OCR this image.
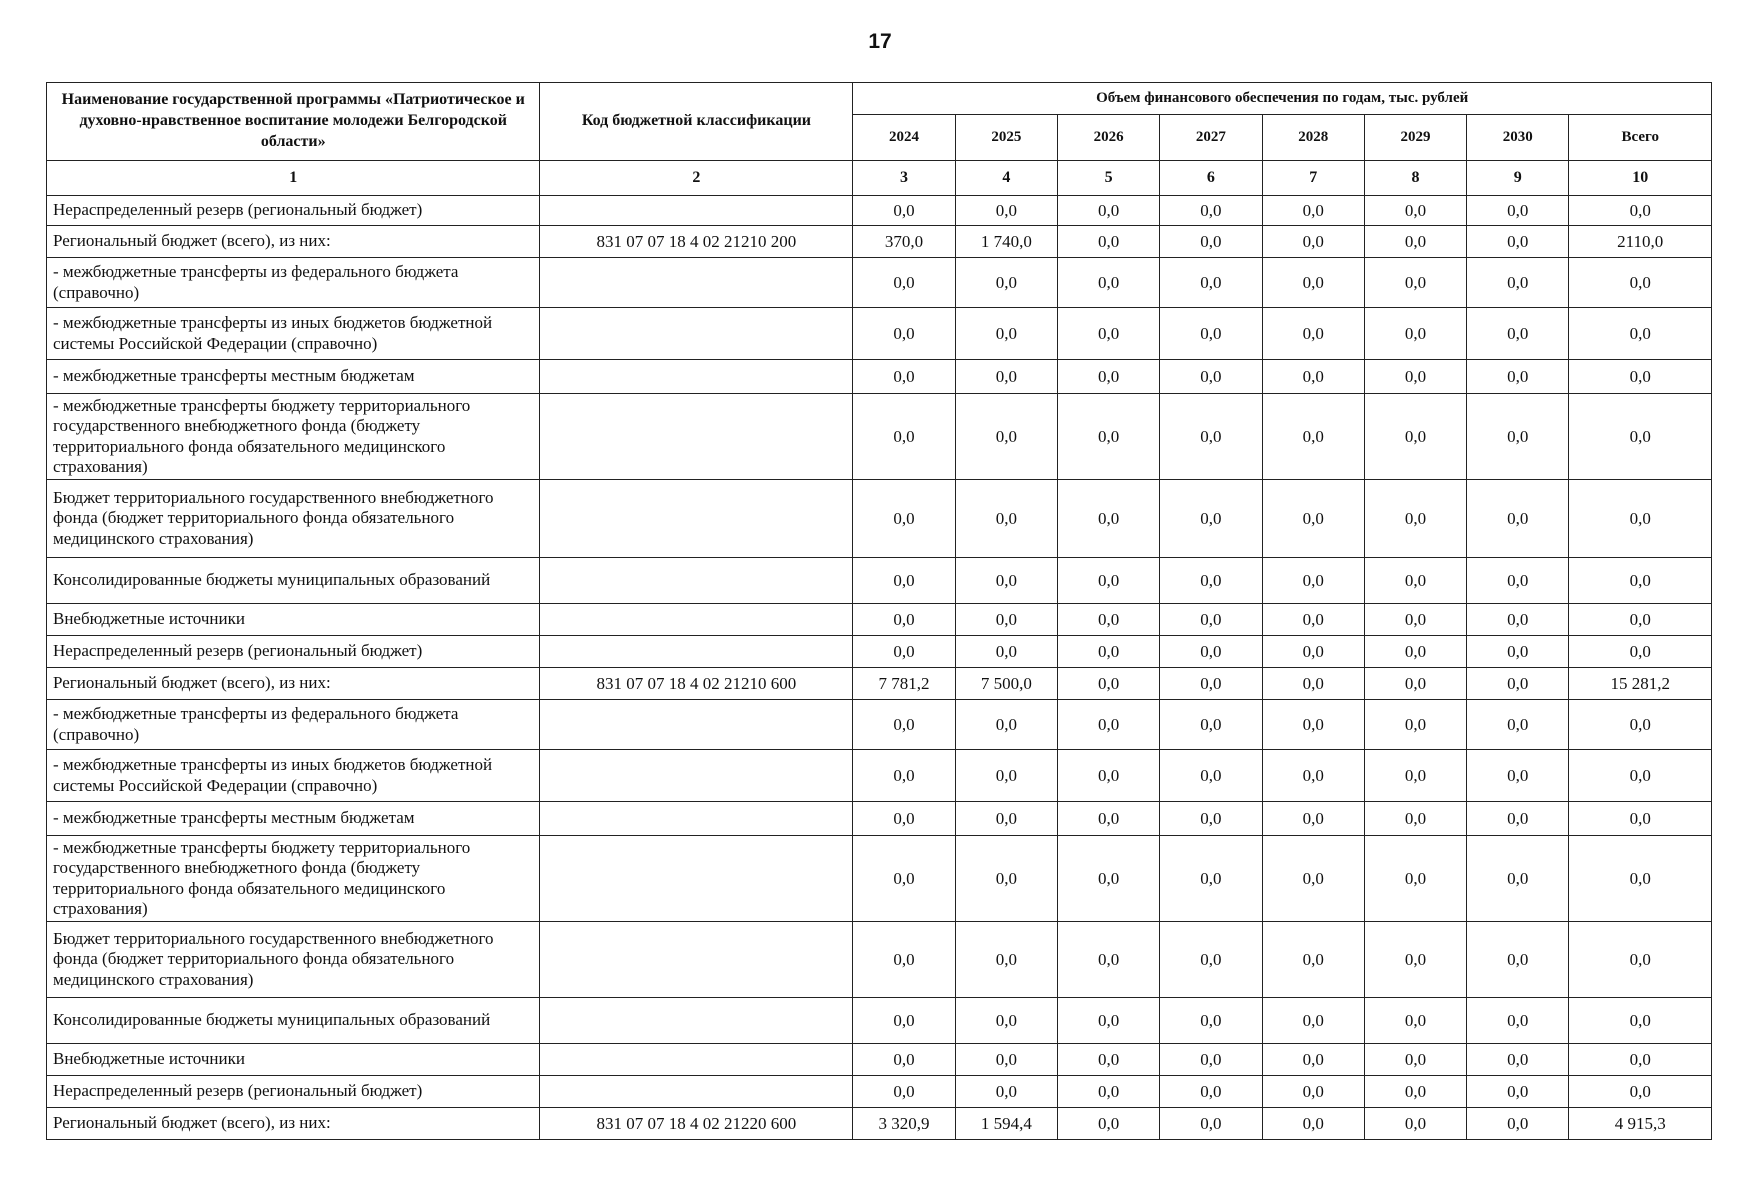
17
Наименование государственной программы «Патриотическое и духовно-нравственное воспитание молодежи Белгородской области»	Код бюджетной классификации	Объем финансового обеспечения по годам, тыс. рублей							
		2024	2025	2026	2027	2028	2029	2030	Всего
1	2	3	4	5	6	7	8	9	10
Нераспределенный резерв (региональный бюджет)		0,0	0,0	0,0	0,0	0,0	0,0	0,0	0,0
Региональный бюджет (всего), из них:	831 07 07 18 4 02 21210 200	370,0	1 740,0	0,0	0,0	0,0	0,0	0,0	2110,0
- межбюджетные трансферты из федерального бюджета (справочно)		0,0	0,0	0,0	0,0	0,0	0,0	0,0	0,0
- межбюджетные трансферты из иных бюджетов бюджетной системы Российской Федерации (справочно)		0,0	0,0	0,0	0,0	0,0	0,0	0,0	0,0
- межбюджетные трансферты местным бюджетам		0,0	0,0	0,0	0,0	0,0	0,0	0,0	0,0
- межбюджетные трансферты бюджету территориального государственного внебюджетного фонда (бюджету территориального фонда обязательного медицинского страхования)		0,0	0,0	0,0	0,0	0,0	0,0	0,0	0,0
Бюджет территориального государственного внебюджетного фонда (бюджет территориального фонда обязательного медицинского страхования)		0,0	0,0	0,0	0,0	0,0	0,0	0,0	0,0
Консолидированные бюджеты муниципальных образований		0,0	0,0	0,0	0,0	0,0	0,0	0,0	0,0
Внебюджетные источники		0,0	0,0	0,0	0,0	0,0	0,0	0,0	0,0
Нераспределенный резерв (региональный бюджет)		0,0	0,0	0,0	0,0	0,0	0,0	0,0	0,0
Региональный бюджет (всего), из них:	831 07 07 18 4 02 21210 600	7 781,2	7 500,0	0,0	0,0	0,0	0,0	0,0	15 281,2
- межбюджетные трансферты из федерального бюджета (справочно)		0,0	0,0	0,0	0,0	0,0	0,0	0,0	0,0
- межбюджетные трансферты из иных бюджетов бюджетной системы Российской Федерации (справочно)		0,0	0,0	0,0	0,0	0,0	0,0	0,0	0,0
- межбюджетные трансферты местным бюджетам		0,0	0,0	0,0	0,0	0,0	0,0	0,0	0,0
- межбюджетные трансферты бюджету территориального государственного внебюджетного фонда (бюджету территориального фонда обязательного медицинского страхования)		0,0	0,0	0,0	0,0	0,0	0,0	0,0	0,0
Бюджет территориального государственного внебюджетного фонда (бюджет территориального фонда обязательного медицинского страхования)		0,0	0,0	0,0	0,0	0,0	0,0	0,0	0,0
Консолидированные бюджеты муниципальных образований		0,0	0,0	0,0	0,0	0,0	0,0	0,0	0,0
Внебюджетные источники		0,0	0,0	0,0	0,0	0,0	0,0	0,0	0,0
Нераспределенный резерв (региональный бюджет)		0,0	0,0	0,0	0,0	0,0	0,0	0,0	0,0
Региональный бюджет (всего), из них:	831 07 07 18 4 02 21220 600	3 320,9	1 594,4	0,0	0,0	0,0	0,0	0,0	4 915,3
